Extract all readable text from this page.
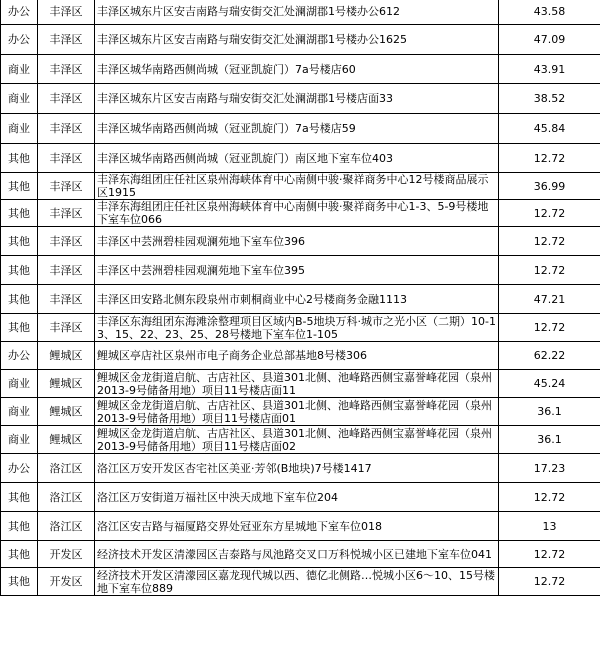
办公	丰泽区	丰泽区城东片区安吉南路与瑞安街交汇处澜湖郡1号楼办公612	43.58
办公	丰泽区	丰泽区城东片区安吉南路与瑞安街交汇处澜湖郡1号楼办公1625	47.09
商业	丰泽区	丰泽区城华南路西侧尚城（冠亚凯旋门）7a号楼店60	43.91
商业	丰泽区	丰泽区城东片区安吉南路与瑞安街交汇处澜湖郡1号楼店面33	38.52
商业	丰泽区	丰泽区城华南路西侧尚城（冠亚凯旋门）7a号楼店59	45.84
其他	丰泽区	丰泽区城华南路西侧尚城（冠亚凯旋门）南区地下室车位403	12.72
其他	丰泽区	丰泽东海组团庄任社区泉州海峡体育中心南侧中骏·聚祥商务中心12号楼商品展示区1915	36.99
其他	丰泽区	丰泽东海组团庄任社区泉州海峡体育中心南侧中骏·聚祥商务中心1-3、5-9号楼地下室车位066	12.72
其他	丰泽区	丰泽区中芸洲碧桂园观澜苑地下室车位396	12.72
其他	丰泽区	丰泽区中芸洲碧桂园观澜苑地下室车位395	12.72
其他	丰泽区	丰泽区田安路北侧东段泉州市刺桐商业中心2号楼商务金融1113	47.21
其他	丰泽区	丰泽区东海组团东海滩涂整理项目区域内B-5地块万科·城市之光小区（二期）10-13、15、22、23、25、28号楼地下室车位1-105	12.72
办公	鲤城区	鲤城区亭店社区泉州市电子商务企业总部基地8号楼306	62.22
商业	鲤城区	鲤城区金龙街道启航、古店社区、县道301北侧、池峰路西侧宝嘉誉峰花园（泉州2013-9号储备用地）项目11号楼店面11	45.24
商业	鲤城区	鲤城区金龙街道启航、古店社区、县道301北侧、池峰路西侧宝嘉誉峰花园（泉州2013-9号储备用地）项目11号楼店面01	36.1
商业	鲤城区	鲤城区金龙街道启航、古店社区、县道301北侧、池峰路西侧宝嘉誉峰花园（泉州2013-9号储备用地）项目11号楼店面02	36.1
办公	洛江区	洛江区万安开发区杏宅社区美亚·芳邻(B地块)7号楼1417	17.23
其他	洛江区	洛江区万安街道万福社区中泱天成地下室车位204	12.72
其他	洛江区	洛江区安吉路与福厦路交界处冠亚东方星城地下室车位018	13
其他	开发区	经济技术开发区清濛园区吉泰路与凤池路交叉口万科悦城小区已建地下室车位041	12.72
其他	开发区	经济技术开发区清濛园区嘉龙现代城以西、德亿北侧路…悦城小区6～10、15号楼地下室车位889	12.72
